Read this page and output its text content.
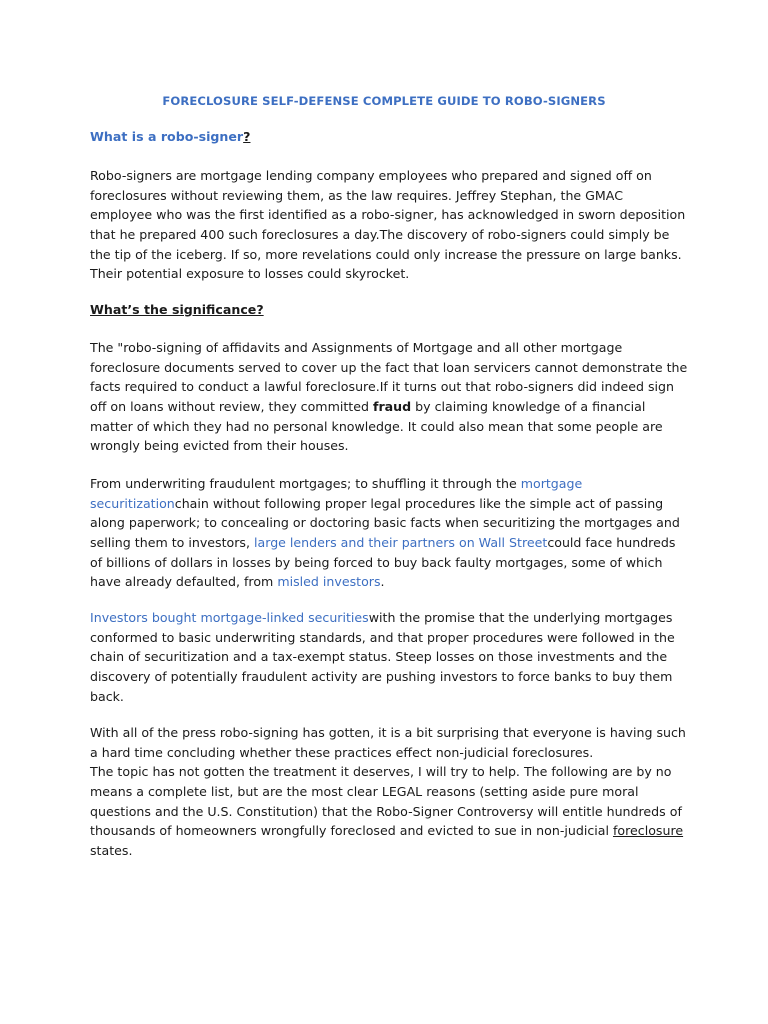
FORECLOSURE SELF-DEFENSE COMPLETE GUIDE TO ROBO-SIGNERS
What is a robo-signer?
Robo-signers are mortgage lending company employees who prepared and signed off on
foreclosures without reviewing them, as the law requires. Jeffrey Stephan, the GMAC
employee who was the first identified as a robo-signer, has acknowledged in sworn deposition
that he prepared 400 such foreclosures a day.The discovery of robo-signers could simply be
the tip of the iceberg. If so, more revelations could only increase the pressure on large banks.
Their potential exposure to losses could skyrocket.
What’s the significance?
The "robo-signing of affidavits and Assignments of Mortgage and all other mortgage
foreclosure documents served to cover up the fact that loan servicers cannot demonstrate the
facts required to conduct a lawful foreclosure.If it turns out that robo-signers did indeed sign
off on loans without review, they committed fraud by claiming knowledge of a financial
matter of which they had no personal knowledge. It could also mean that some people are
wrongly being evicted from their houses.
From underwriting fraudulent mortgages; to shuffling it through the mortgage
securitizationchain without following proper legal procedures like the simple act of passing
along paperwork; to concealing or doctoring basic facts when securitizing the mortgages and
selling them to investors, large lenders and their partners on Wall Streetcould face hundreds
of billions of dollars in losses by being forced to buy back faulty mortgages, some of which
have already defaulted, from misled investors.
Investors bought mortgage-linked securitieswith the promise that the underlying mortgages
conformed to basic underwriting standards, and that proper procedures were followed in the
chain of securitization and a tax-exempt status. Steep losses on those investments and the
discovery of potentially fraudulent activity are pushing investors to force banks to buy them
back.
With all of the press robo-signing has gotten, it is a bit surprising that everyone is having such
a hard time concluding whether these practices effect non-judicial foreclosures.
The topic has not gotten the treatment it deserves, I will try to help. The following are by no
means a complete list, but are the most clear LEGAL reasons (setting aside pure moral
questions and the U.S. Constitution) that the Robo-Signer Controversy will entitle hundreds of
thousands of homeowners wrongfully foreclosed and evicted to sue in non-judicial foreclosure
states.
